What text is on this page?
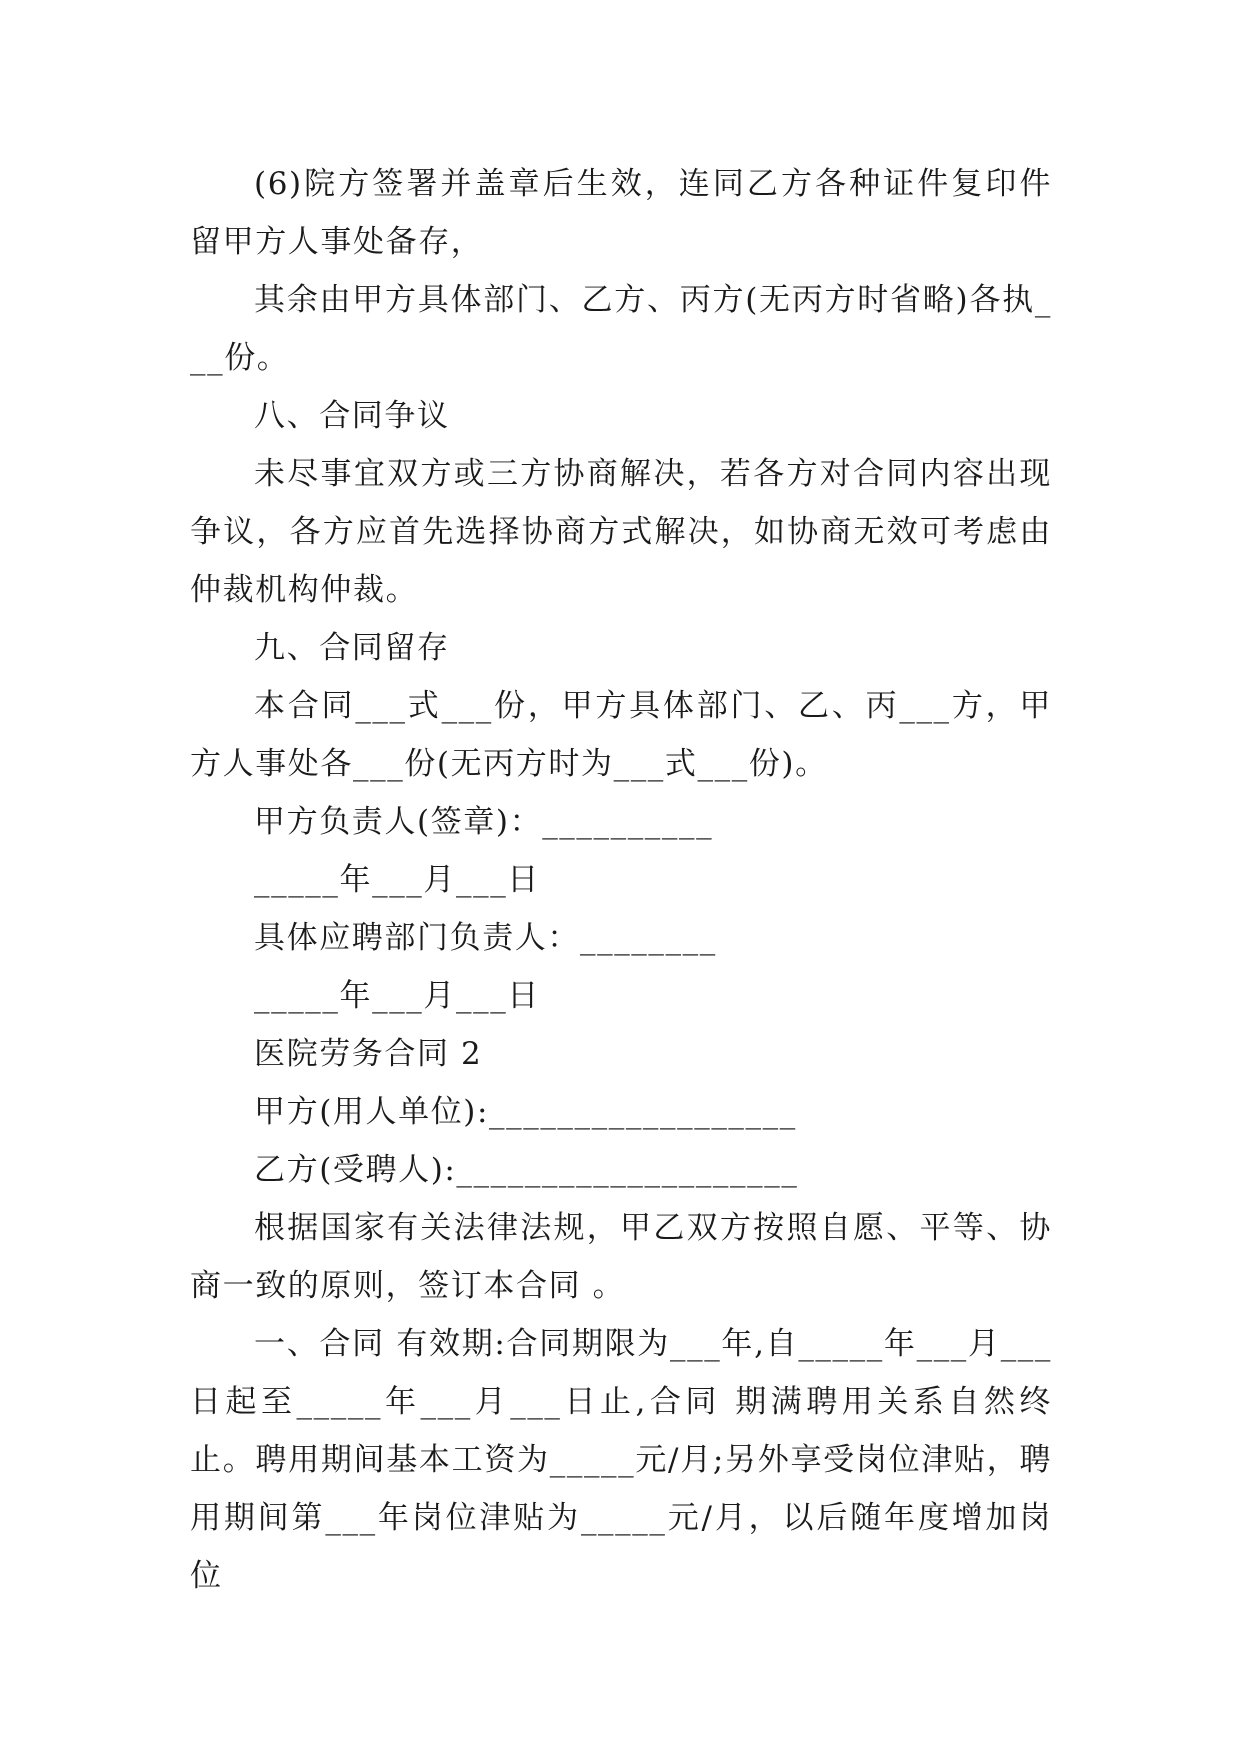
(6)院方签署并盖章后生效，连同乙方各种证件复印件留甲方人事处备存，

其余由甲方具体部门、乙方、丙方(无丙方时省略)各执___份。

八、合同争议

未尽事宜双方或三方协商解决，若各方对合同内容出现争议，各方应首先选择协商方式解决，如协商无效可考虑由仲裁机构仲裁。

九、合同留存

本合同___式___份，甲方具体部门、乙、丙___方，甲方人事处各___份(无丙方时为___式___份)。

甲方负责人(签章)：__________

_____年___月___日

具体应聘部门负责人：________

_____年___月___日

医院劳务合同 2

甲方(用人单位):__________________

乙方(受聘人):____________________

根据国家有关法律法规，甲乙双方按照自愿、平等、协商一致的原则，签订本合同 。

一、合同 有效期:合同期限为___年,自_____年___月___日起至_____年___月___日止,合同 期满聘用关系自然终止。聘用期间基本工资为_____元/月;另外享受岗位津贴，聘用期间第___年岗位津贴为_____元/月，以后随年度增加岗位
